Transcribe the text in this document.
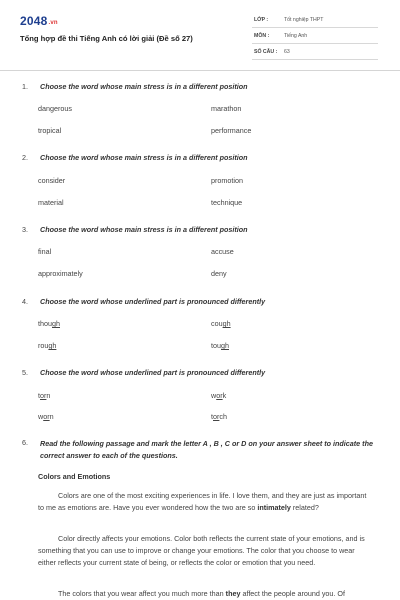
2048.vn
Tổng hợp đề thi Tiếng Anh có lời giải (Đề số 27)
LỚP :	Tốt nghiệp THPT
MÔN :	Tiếng Anh
SỐ CÂU : 63
1. Choose the word whose main stress is in a different position
dangerous	marathon
tropical	performance
2. Choose the word whose main stress is in a different position
consider	promotion
material	technique
3. Choose the word whose main stress is in a different position
final	accuse
approximately	deny
4. Choose the word whose underlined part is pronounced differently
though	cough
rough	tough
5. Choose the word whose underlined part is pronounced differently
torn	work
worn	torch
6. Read the following passage and mark the letter A , B , C or D on your answer sheet to indicate the correct answer to each of the questions.
Colors and Emotions
Colors are one of the most exciting experiences in life. I love them, and they are just as important to me as emotions are. Have you ever wondered how the two are so intimately related?
Color directly affects your emotions. Color both reflects the current state of your emotions, and is something that you can use to improve or change your emotions. The color that you choose to wear either reflects your current state of being, or reflects the color or emotion that you need.
The colors that you wear affect you much more than they affect the people around you. Of
